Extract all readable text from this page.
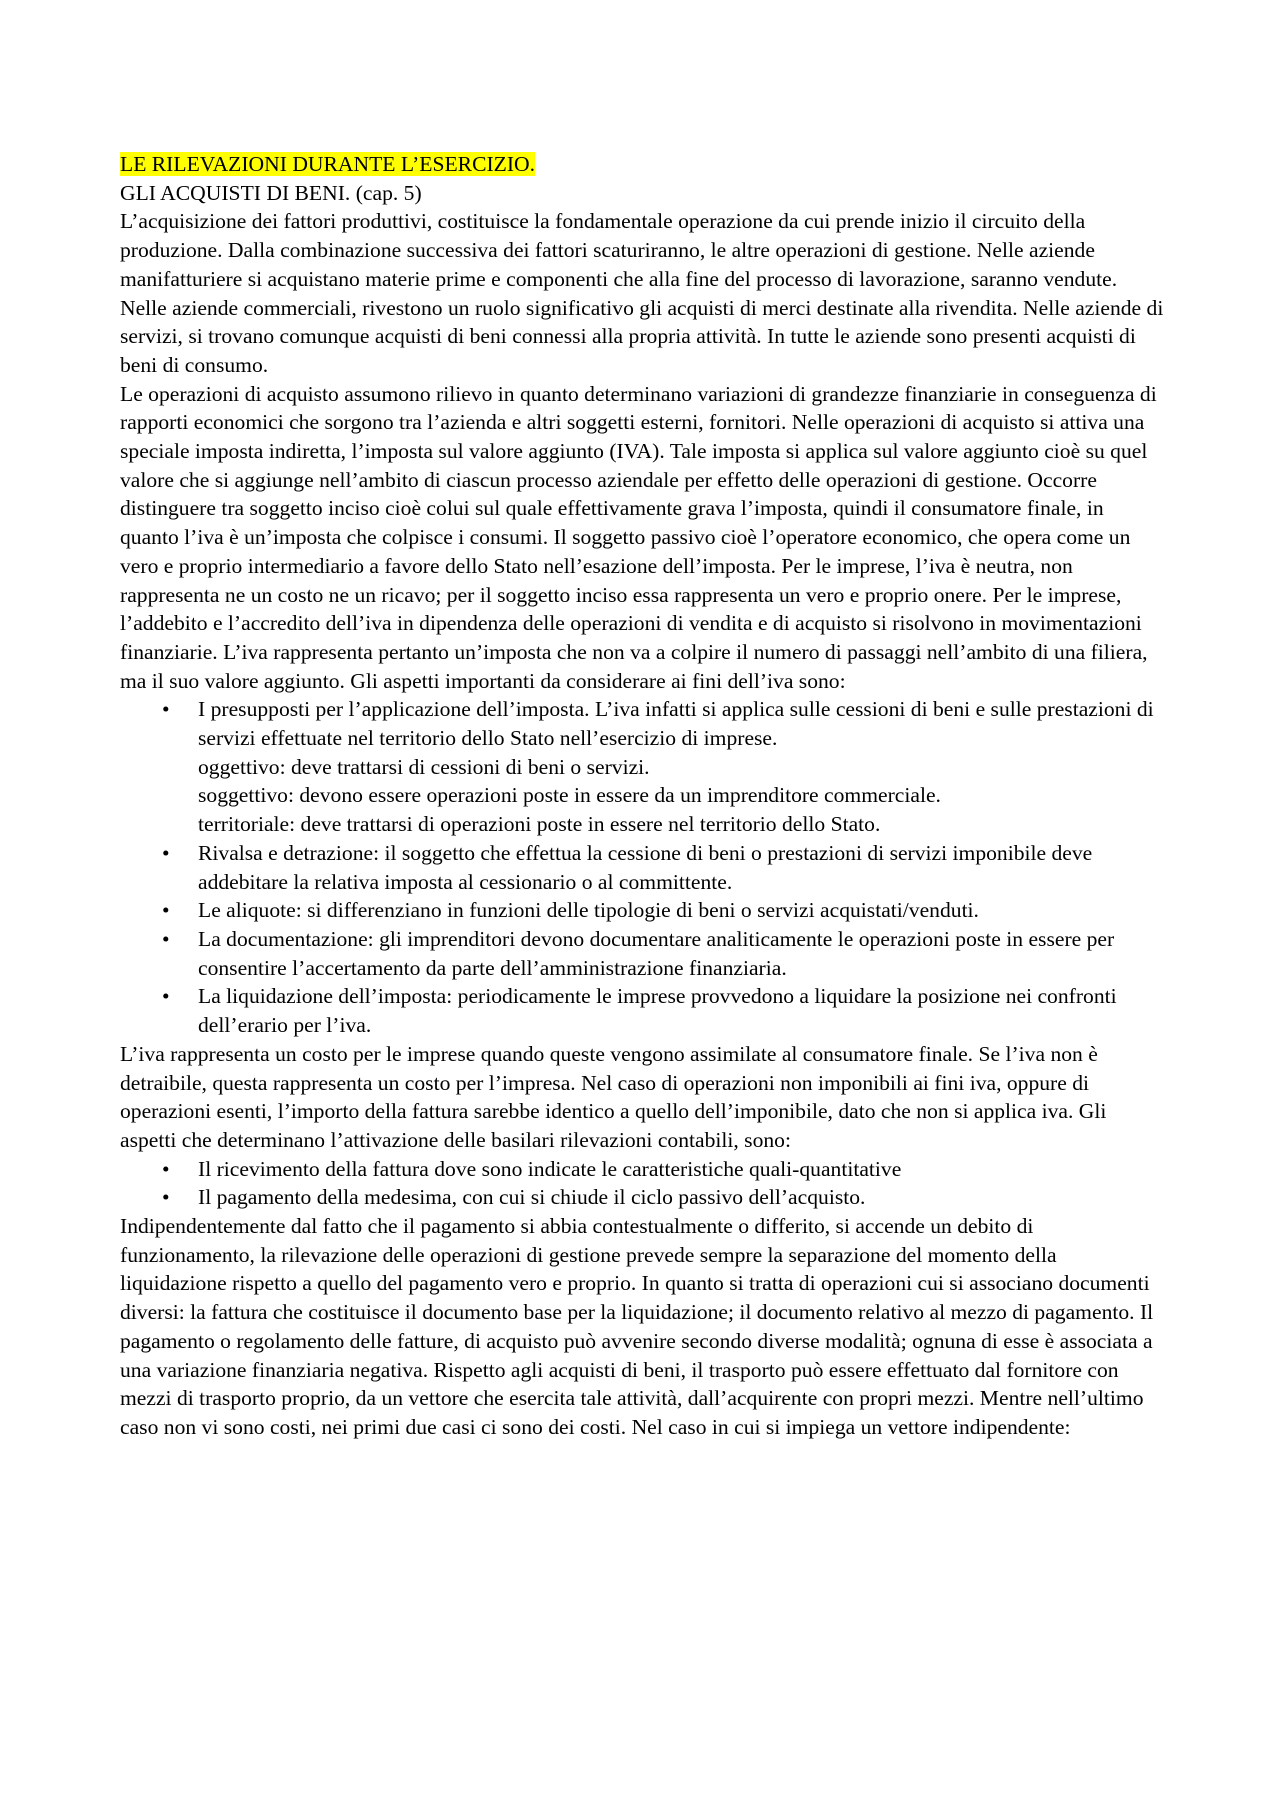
LE RILEVAZIONI DURANTE L’ESERCIZIO.
GLI ACQUISTI DI BENI. (cap. 5)

L’acquisizione dei fattori produttivi, costituisce la fondamentale operazione da cui prende inizio il circuito della produzione. Dalla combinazione successiva dei fattori scaturiranno, le altre operazioni di gestione. Nelle aziende manifatturiere si acquistano materie prime e componenti che alla fine del processo di lavorazione, saranno vendute. Nelle aziende commerciali, rivestono un ruolo significativo gli acquisti di merci destinate alla rivendita. Nelle aziende di servizi, si trovano comunque acquisti di beni connessi alla propria attività. In tutte le aziende sono presenti acquisti di beni di consumo.

Le operazioni di acquisto assumono rilievo in quanto determinano variazioni di grandezze finanziarie in conseguenza di rapporti economici che sorgono tra l’azienda e altri soggetti esterni, fornitori. Nelle operazioni di acquisto si attiva una speciale imposta indiretta, l’imposta sul valore aggiunto (IVA). Tale imposta si applica sul valore aggiunto cioè su quel valore che si aggiunge nell’ambito di ciascun processo aziendale per effetto delle operazioni di gestione. Occorre distinguere tra soggetto inciso cioè colui sul quale effettivamente grava l’imposta, quindi il consumatore finale, in quanto l’iva è un’imposta che colpisce i consumi. Il soggetto passivo cioè l’operatore economico, che opera come un vero e proprio intermediario a favore dello Stato nell’esazione dell’imposta. Per le imprese, l’iva è neutra, non rappresenta ne un costo ne un ricavo; per il soggetto inciso essa rappresenta un vero e proprio onere. Per le imprese, l’addebito e l’accredito dell’iva in dipendenza delle operazioni di vendita e di acquisto si risolvono in movimentazioni finanziarie. L’iva rappresenta pertanto un’imposta che non va a colpire il numero di passaggi nell’ambito di una filiera, ma il suo valore aggiunto. Gli aspetti importanti da considerare ai fini dell’iva sono:

• I presupposti per l’applicazione dell’imposta. L’iva infatti si applica sulle cessioni di beni e sulle prestazioni di servizi effettuate nel territorio dello Stato nell’esercizio di imprese.
oggettivo: deve trattarsi di cessioni di beni o servizi.
soggettivo: devono essere operazioni poste in essere da un imprenditore commerciale.
territoriale: deve trattarsi di operazioni poste in essere nel territorio dello Stato.
• Rivalsa e detrazione: il soggetto che effettua la cessione di beni o prestazioni di servizi imponibile deve addebitare la relativa imposta al cessionario o al committente.
• Le aliquote: si differenziano in funzioni delle tipologie di beni o servizi acquistati/venduti.
• La documentazione: gli imprenditori devono documentare analiticamente le operazioni poste in essere per consentire l’accertamento da parte dell’amministrazione finanziaria.
• La liquidazione dell’imposta: periodicamente le imprese provvedono a liquidare la posizione nei confronti dell’erario per l’iva.

L’iva rappresenta un costo per le imprese quando queste vengono assimilate al consumatore finale. Se l’iva non è detraibile, questa rappresenta un costo per l’impresa. Nel caso di operazioni non imponibili ai fini iva, oppure di operazioni esenti, l’importo della fattura sarebbe identico a quello dell’imponibile, dato che non si applica iva. Gli aspetti che determinano l’attivazione delle basilari rilevazioni contabili, sono:

• Il ricevimento della fattura dove sono indicate le caratteristiche quali-quantitative
• Il pagamento della medesima, con cui si chiude il ciclo passivo dell’acquisto.

Indipendentemente dal fatto che il pagamento si abbia contestualmente o differito, si accende un debito di funzionamento, la rilevazione delle operazioni di gestione prevede sempre la separazione del momento della liquidazione rispetto a quello del pagamento vero e proprio. In quanto si tratta di operazioni cui si associano documenti diversi: la fattura che costituisce il documento base per la liquidazione; il documento relativo al mezzo di pagamento. Il pagamento o regolamento delle fatture, di acquisto può avvenire secondo diverse modalità; ognuna di esse è associata a una variazione finanziaria negativa. Rispetto agli acquisti di beni, il trasporto può essere effettuato dal fornitore con mezzi di trasporto proprio, da un vettore che esercita tale attività, dall’acquirente con propri mezzi. Mentre nell’ultimo caso non vi sono costi, nei primi due casi ci sono dei costi. Nel caso in cui si impiega un vettore indipendente:
